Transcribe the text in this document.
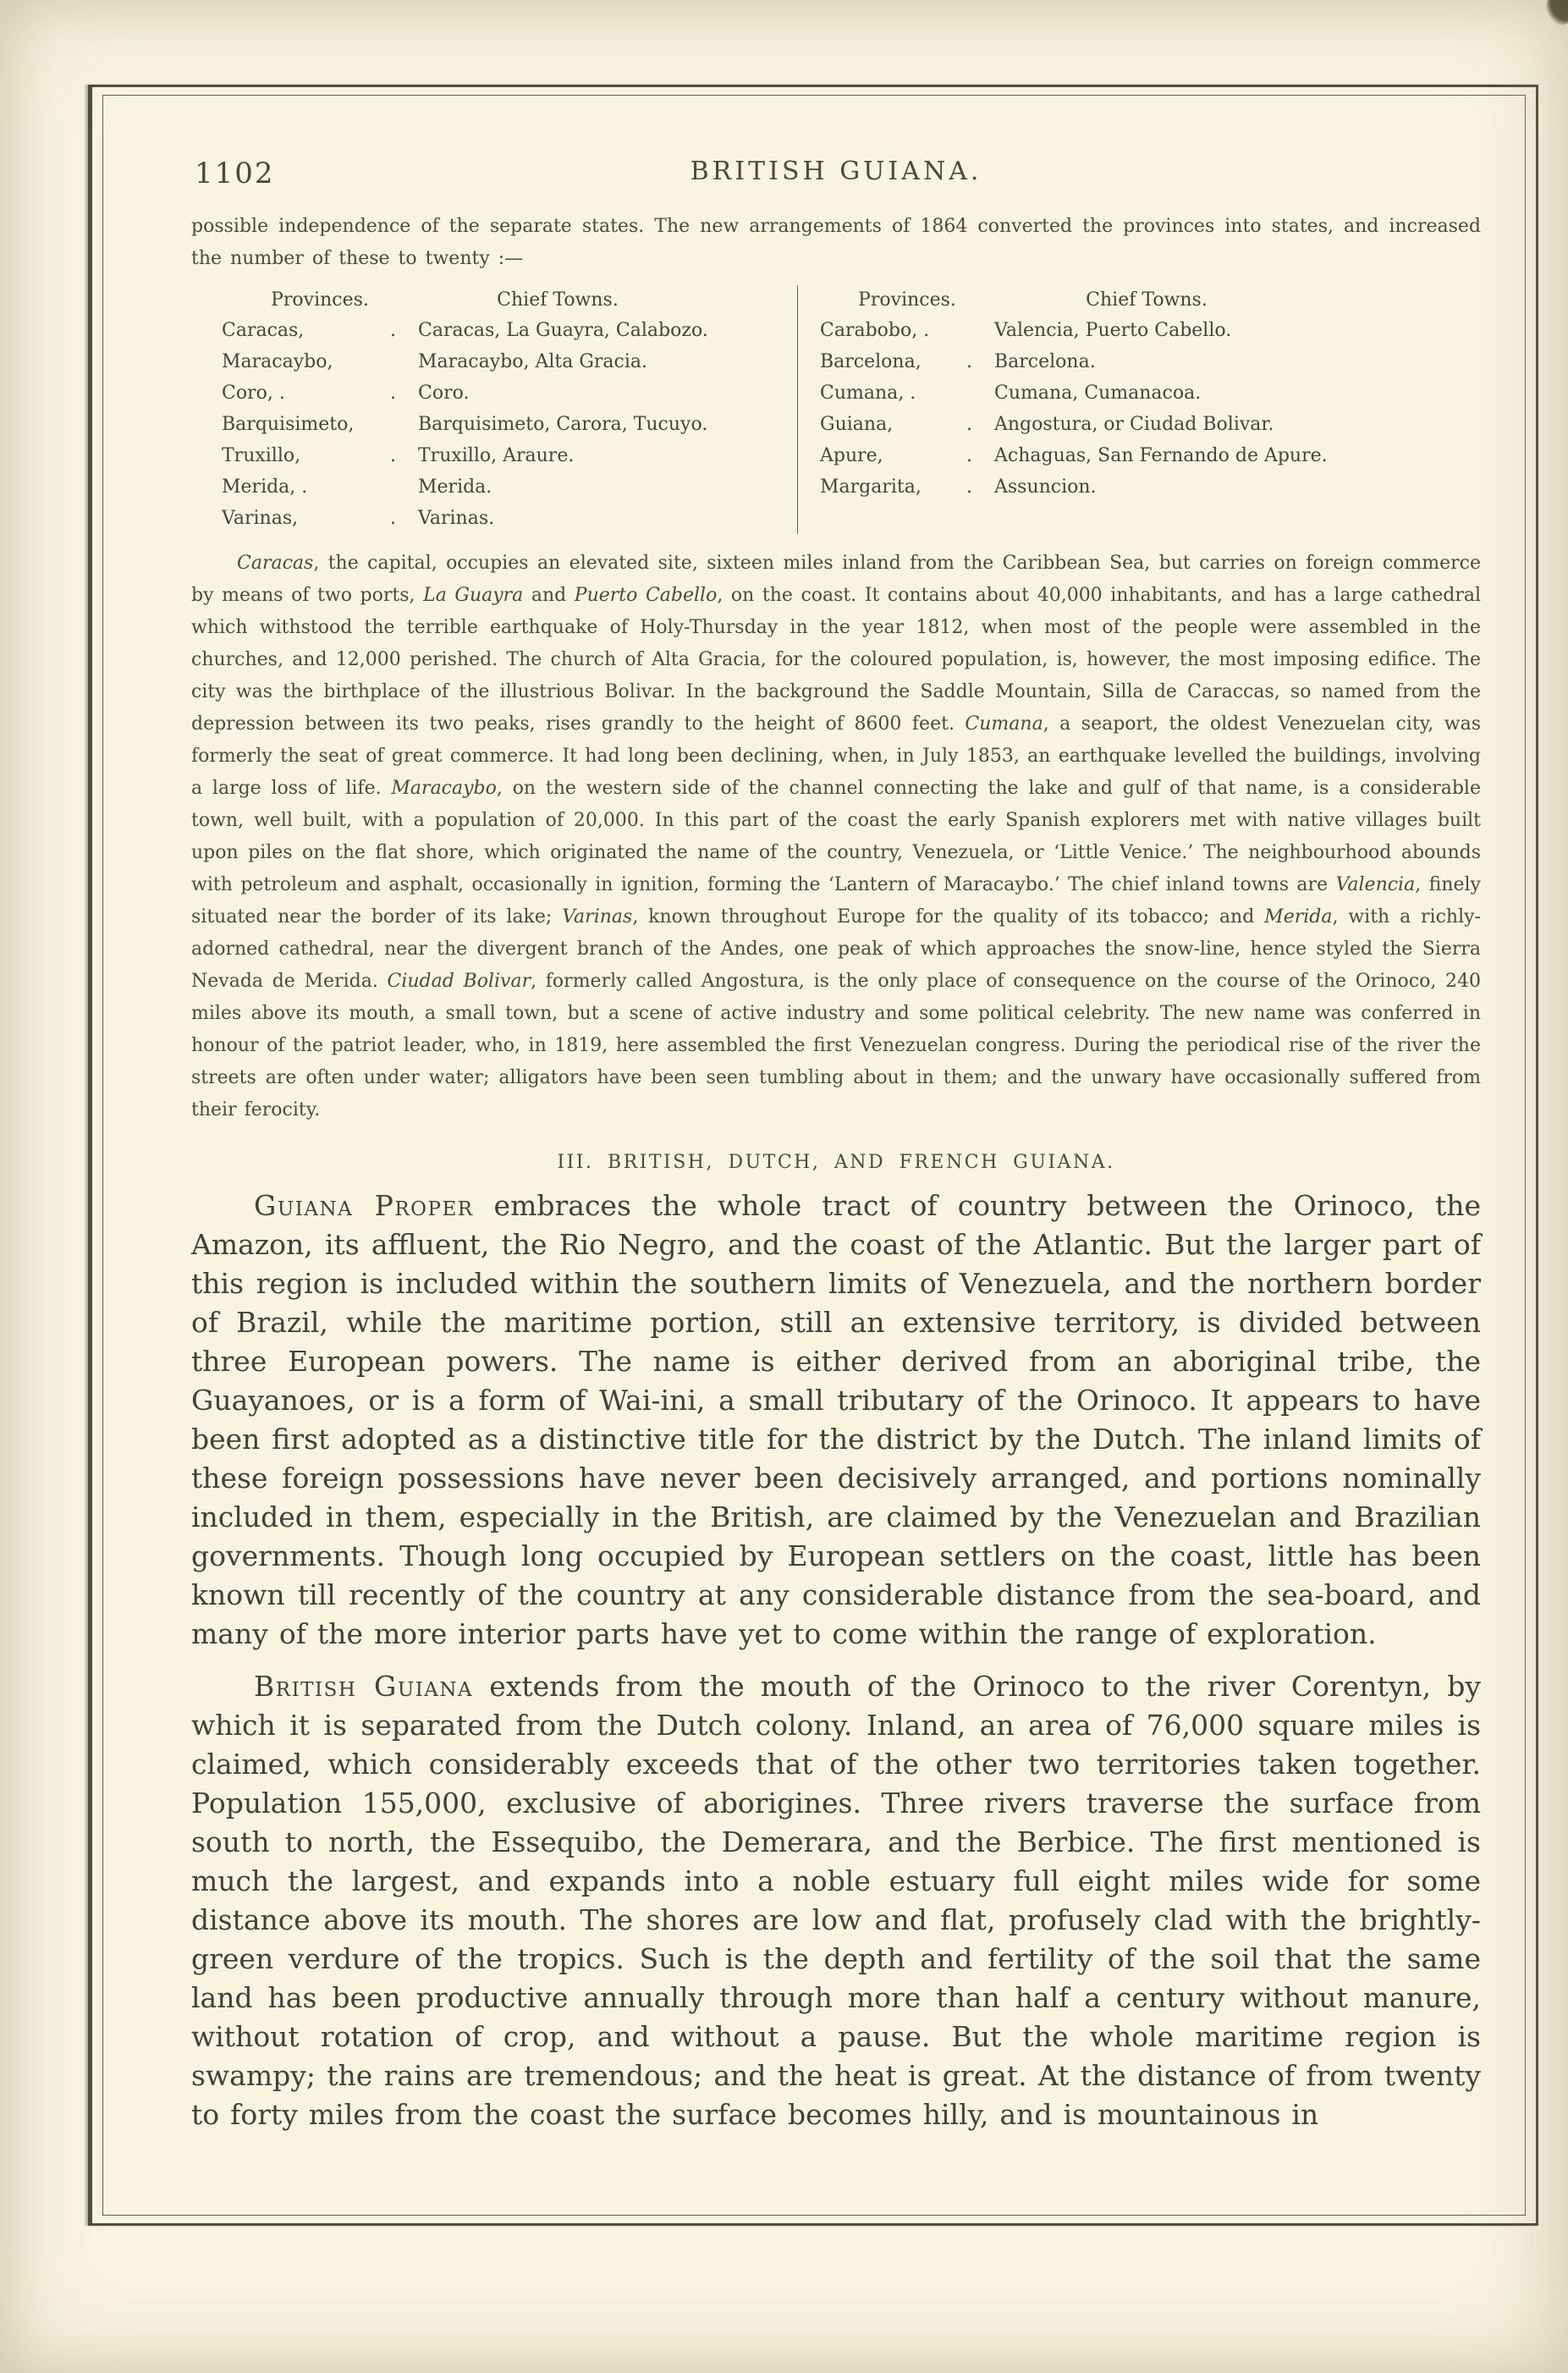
1102	BRITISH GUIANA.

possible independence of the separate states. The new arrangements of 1864 converted the provinces into states, and increased the number of these to twenty :—

Provinces.	Chief Towns.
Caracas,	.	Caracas, La Guayra, Calabozo.
Maracaybo,	Maracaybo, Alta Gracia.
Coro, .	.	Coro.
Barquisimeto,	Barquisimeto, Carora, Tucuyo.
Truxillo,	.	Truxillo, Araure.
Merida, .	Merida.
Varinas,	.	Varinas.
Provinces.	Chief Towns.
Carabobo, .	Valencia, Puerto Cabello.
Barcelona, .	Barcelona.
Cumana, .	Cumana, Cumanacoa.
Guiana,	.	Angostura, or Ciudad Bolivar.
Apure,	.	Achaguas, San Fernando de Apure.
Margarita, .	Assuncion.

Caracas, the capital, occupies an elevated site, sixteen miles inland from the Caribbean Sea, but carries on foreign commerce by means of two ports, La Guayra and Puerto Cabello, on the coast. It contains about 40,000 inhabitants, and has a large cathedral which withstood the terrible earthquake of Holy-Thursday in the year 1812, when most of the people were assembled in the churches, and 12,000 perished. The church of Alta Gracia, for the coloured population, is, however, the most imposing edifice. The city was the birthplace of the illustrious Bolivar. In the background the Saddle Mountain, Silla de Caraccas, so named from the depression between its two peaks, rises grandly to the height of 8600 feet. Cumana, a seaport, the oldest Venezuelan city, was formerly the seat of great commerce. It had long been declining, when, in July 1853, an earthquake levelled the buildings, involving a large loss of life. Maracaybo, on the western side of the channel connecting the lake and gulf of that name, is a considerable town, well built, with a population of 20,000. In this part of the coast the early Spanish explorers met with native villages built upon piles on the flat shore, which originated the name of the country, Venezuela, or ‘Little Venice.’ The neighbourhood abounds with petroleum and asphalt, occasionally in ignition, forming the ‘Lantern of Maracaybo.’ The chief inland towns are Valencia, finely situated near the border of its lake; Varinas, known throughout Europe for the quality of its tobacco; and Merida, with a richly-adorned cathedral, near the divergent branch of the Andes, one peak of which approaches the snow-line, hence styled the Sierra Nevada de Merida. Ciudad Bolivar, formerly called Angostura, is the only place of consequence on the course of the Orinoco, 240 miles above its mouth, a small town, but a scene of active industry and some political celebrity. The new name was conferred in honour of the patriot leader, who, in 1819, here assembled the first Venezuelan congress. During the periodical rise of the river the streets are often under water; alligators have been seen tumbling about in them; and the unwary have occasionally suffered from their ferocity.

III. BRITISH, DUTCH, AND FRENCH GUIANA.

Guiana Proper embraces the whole tract of country between the Orinoco, the Amazon, its affluent, the Rio Negro, and the coast of the Atlantic. But the larger part of this region is included within the southern limits of Venezuela, and the northern border of Brazil, while the maritime portion, still an extensive territory, is divided between three European powers. The name is either derived from an aboriginal tribe, the Guayanoes, or is a form of Wai-ini, a small tributary of the Orinoco. It appears to have been first adopted as a distinctive title for the district by the Dutch. The inland limits of these foreign possessions have never been decisively arranged, and portions nominally included in them, especially in the British, are claimed by the Venezuelan and Brazilian governments. Though long occupied by European settlers on the coast, little has been known till recently of the country at any considerable distance from the sea-board, and many of the more interior parts have yet to come within the range of exploration.

British Guiana extends from the mouth of the Orinoco to the river Corentyn, by which it is separated from the Dutch colony. Inland, an area of 76,000 square miles is claimed, which considerably exceeds that of the other two territories taken together. Population 155,000, exclusive of aborigines. Three rivers traverse the surface from south to north, the Essequibo, the Demerara, and the Berbice. The first mentioned is much the largest, and expands into a noble estuary full eight miles wide for some distance above its mouth. The shores are low and flat, profusely clad with the brightly-green verdure of the tropics. Such is the depth and fertility of the soil that the same land has been productive annually through more than half a century without manure, without rotation of crop, and without a pause. But the whole maritime region is swampy; the rains are tremendous; and the heat is great. At the distance of from twenty to forty miles from the coast the surface becomes hilly, and is mountainous in
